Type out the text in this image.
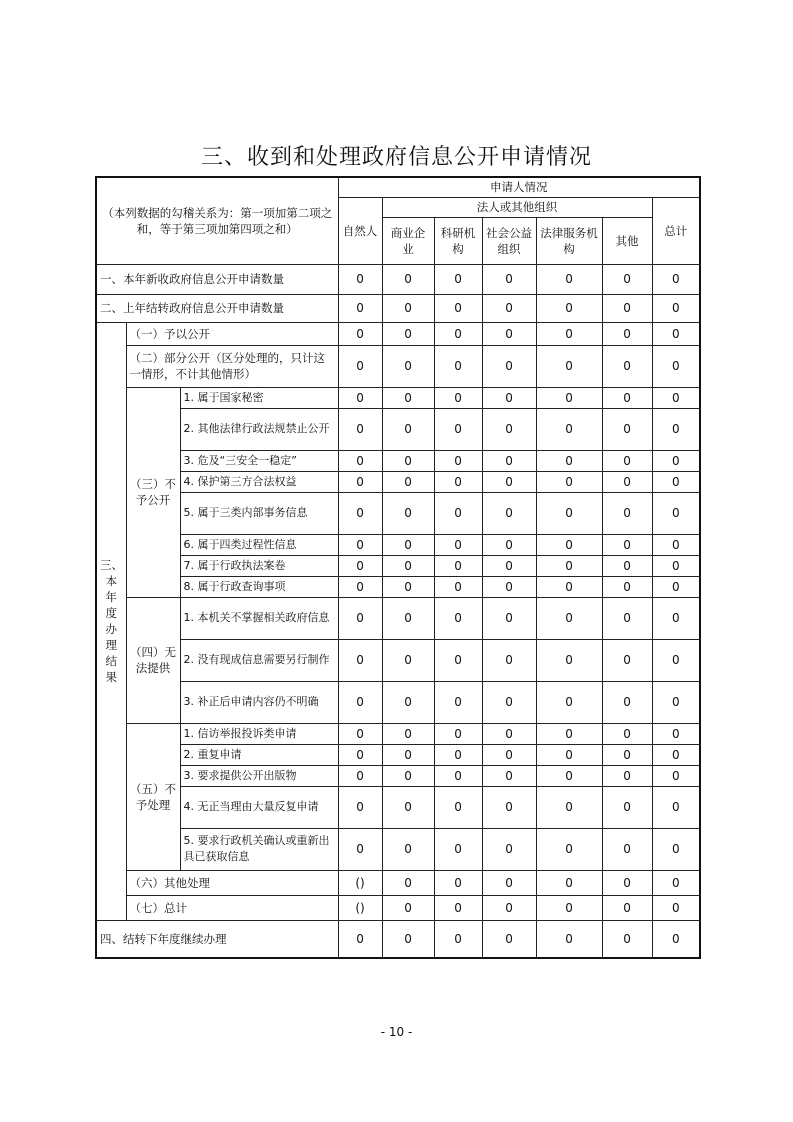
三、收到和处理政府信息公开申请情况
（本列数据的勾稽关系为：第一项加第二项之和，等于第三项加第四项之和）			申请人情况						
			自然人	法人或其他组织					总计
				商业企业	科研机构	社会公益组织	法律服务机构	其他	

一、本年新收政府信息公开申请数量			0	0	0	0	0	0	0
二、上年结转政府信息公开申请数量			0	0	0	0	0	0	0
三、本年度办理结果	（一）予以公开		0	0	0	0	0	0	0
	（二）部分公开（区分处理的，只计这一情形，不计其他情形）		0	0	0	0	0	0	0
	（三）不予公开	1. 属于国家秘密	0	0	0	0	0	0	0
		2. 其他法律行政法规禁止公开	0	0	0	0	0	0	0
		3. 危及“三安全一稳定”	0	0	0	0	0	0	0
		4. 保护第三方合法权益	0	0	0	0	0	0	0
		5. 属于三类内部事务信息	0	0	0	0	0	0	0
		6. 属于四类过程性信息	0	0	0	0	0	0	0
		7. 属于行政执法案卷	0	0	0	0	0	0	0
		8. 属于行政查询事项	0	0	0	0	0	0	0
	（四）无法提供	1. 本机关不掌握相关政府信息	0	0	0	0	0	0	0
		2. 没有现成信息需要另行制作	0	0	0	0	0	0	0
		3. 补正后申请内容仍不明确	0	0	0	0	0	0	0
	（五）不予处理	1. 信访举报投诉类申请	0	0	0	0	0	0	0
		2. 重复申请	0	0	0	0	0	0	0
		3. 要求提供公开出版物	0	0	0	0	0	0	0
		4. 无正当理由大量反复申请	0	0	0	0	0	0	0
		5. 要求行政机关确认或重新出具已获取信息	0	0	0	0	0	0	0
	（六）其他处理		()	0	0	0	0	0	0
	（七）总计		()	0	0	0	0	0	0
四、结转下年度继续办理			0	0	0	0	0	0	0
- 10 -
